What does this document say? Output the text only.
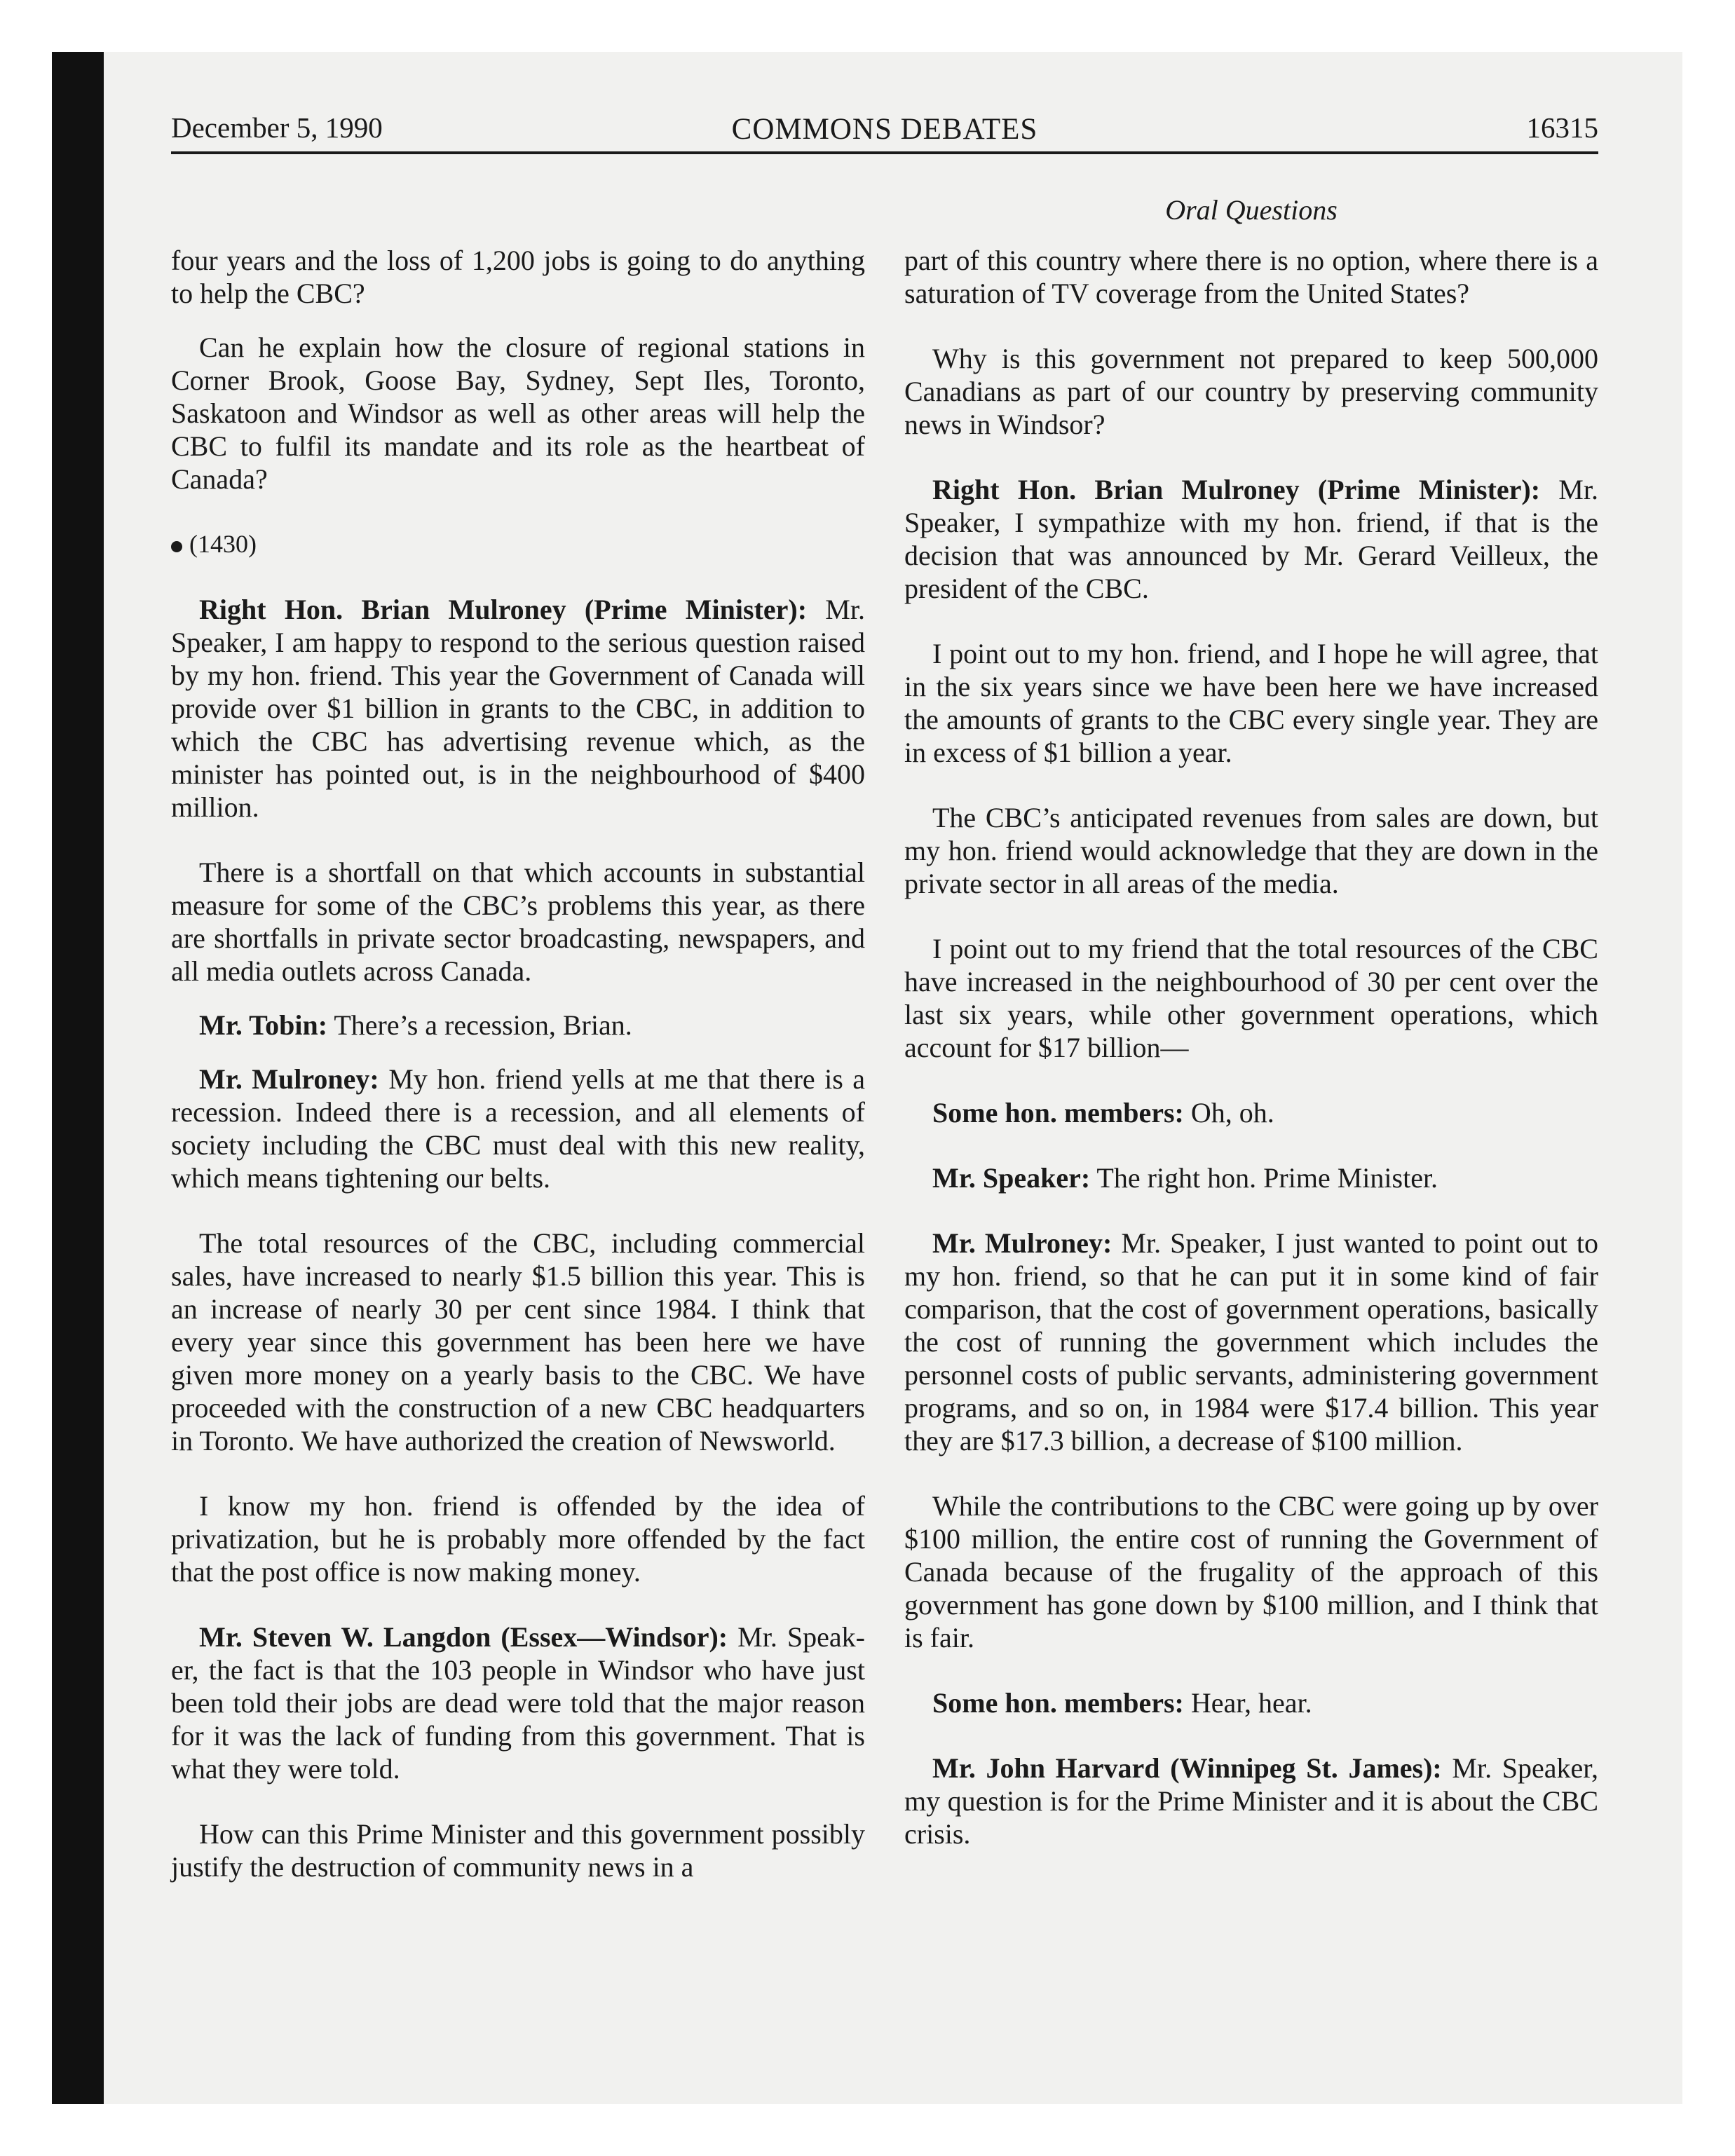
December 5, 1990	COMMONS DEBATES	16315
Oral Questions

four years and the loss of 1,200 jobs is going to do anything to help the CBC?

Can he explain how the closure of regional stations in Corner Brook, Goose Bay, Sydney, Sept Iles, Toronto, Saskatoon and Windsor as well as other areas will help the CBC to fulfil its mandate and its role as the heartbeat of Canada?

(1430)

Right Hon. Brian Mulroney (Prime Minister): Mr. Speaker, I am happy to respond to the serious question raised by my hon. friend. This year the Government of Canada will provide over $1 billion in grants to the CBC, in addition to which the CBC has advertising revenue which, as the minister has pointed out, is in the neighbourhood of $400 million.

There is a shortfall on that which accounts in substantial measure for some of the CBC’s problems this year, as there are shortfalls in private sector broadcasting, newspapers, and all media outlets across Canada.

Mr. Tobin: There’s a recession, Brian.

Mr. Mulroney: My hon. friend yells at me that there is a recession. Indeed there is a recession, and all elements of society including the CBC must deal with this new reality, which means tightening our belts.

The total resources of the CBC, including commercial sales, have increased to nearly $1.5 billion this year. This is an increase of nearly 30 per cent since 1984. I think that every year since this government has been here we have given more money on a yearly basis to the CBC. We have proceeded with the construction of a new CBC headquarters in Toronto. We have authorized the creation of Newsworld.

I know my hon. friend is offended by the idea of privatization, but he is probably more offended by the fact that the post office is now making money.

Mr. Steven W. Langdon (Essex—Windsor): Mr. Speaker, the fact is that the 103 people in Windsor who have just been told their jobs are dead were told that the major reason for it was the lack of funding from this government. That is what they were told.

How can this Prime Minister and this government possibly justify the destruction of community news in a

part of this country where there is no option, where there is a saturation of TV coverage from the United States?

Why is this government not prepared to keep 500,000 Canadians as part of our country by preserving community news in Windsor?

Right Hon. Brian Mulroney (Prime Minister): Mr. Speaker, I sympathize with my hon. friend, if that is the decision that was announced by Mr. Gerard Veilleux, the president of the CBC.

I point out to my hon. friend, and I hope he will agree, that in the six years since we have been here we have increased the amounts of grants to the CBC every single year. They are in excess of $1 billion a year.

The CBC’s anticipated revenues from sales are down, but my hon. friend would acknowledge that they are down in the private sector in all areas of the media.

I point out to my friend that the total resources of the CBC have increased in the neighbourhood of 30 per cent over the last six years, while other government operations, which account for $17 billion—

Some hon. members: Oh, oh.

Mr. Speaker: The right hon. Prime Minister.

Mr. Mulroney: Mr. Speaker, I just wanted to point out to my hon. friend, so that he can put it in some kind of fair comparison, that the cost of government operations, basically the cost of running the government which includes the personnel costs of public servants, administering government programs, and so on, in 1984 were $17.4 billion. This year they are $17.3 billion, a decrease of $100 million.

While the contributions to the CBC were going up by over $100 million, the entire cost of running the Government of Canada because of the frugality of the approach of this government has gone down by $100 million, and I think that is fair.

Some hon. members: Hear, hear.

Mr. John Harvard (Winnipeg St. James): Mr. Speaker, my question is for the Prime Minister and it is about the CBC crisis.
